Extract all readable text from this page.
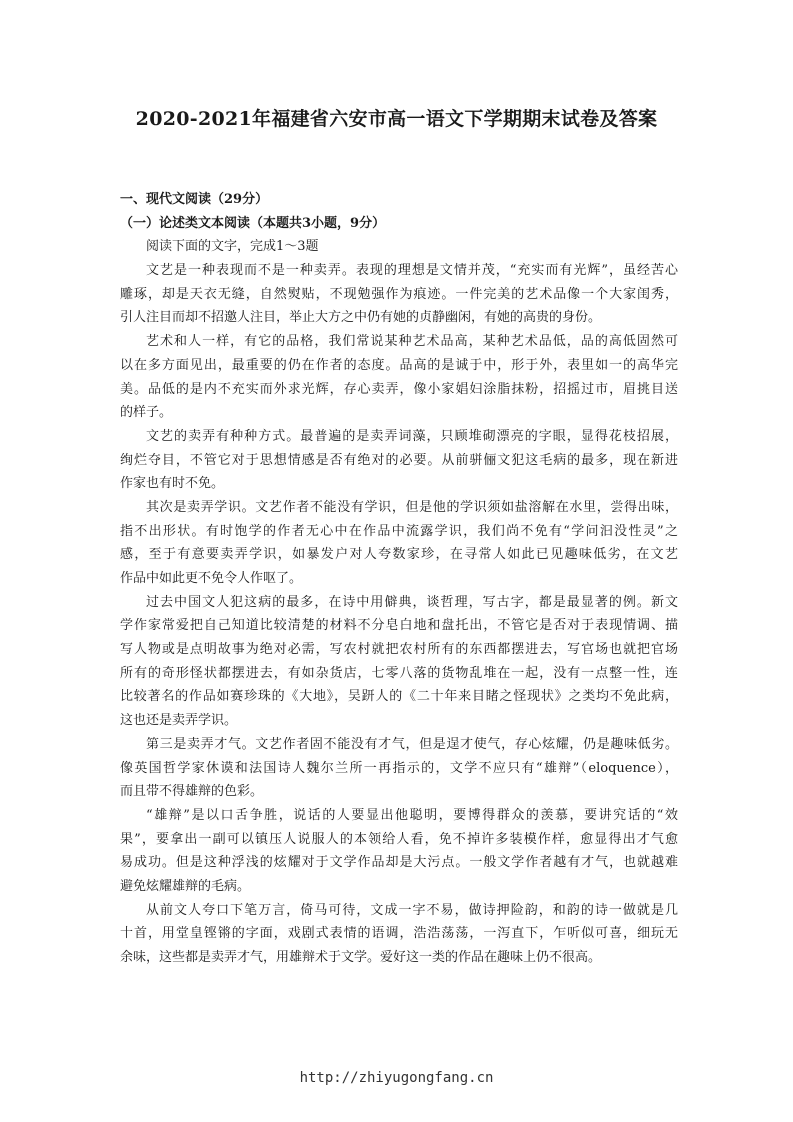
2020-2021年福建省六安市高一语文下学期期末试卷及答案
一、现代文阅读（29分）
（一）论述类文本阅读（本题共3小题，9分）
阅读下面的文字，完成1～3题
文艺是一种表现而不是一种卖弄。表现的理想是文情并茂，“充实而有光辉”，虽经苦心
雕琢，却是天衣无缝，自然熨贴，不现勉强作为痕迹。一件完美的艺术品像一个大家闺秀，
引人注目而却不招邀人注目，举止大方之中仍有她的贞静幽闲，有她的高贵的身份。
艺术和人一样，有它的品格，我们常说某种艺术品高，某种艺术品低，品的高低固然可
以在多方面见出，最重要的仍在作者的态度。品高的是诚于中，形于外，表里如一的高华完
美。品低的是内不充实而外求光辉，存心卖弄，像小家娼妇涂脂抹粉，招摇过市，眉挑目送
的样子。
文艺的卖弄有种种方式。最普遍的是卖弄词藻，只顾堆砌漂亮的字眼，显得花枝招展，
绚烂夺目，不管它对于思想情感是否有绝对的必要。从前骈俪文犯这毛病的最多，现在新进
作家也有时不免。
其次是卖弄学识。文艺作者不能没有学识，但是他的学识须如盐溶解在水里，尝得出味，
指不出形状。有时饱学的作者无心中在作品中流露学识，我们尚不免有“学问汩没性灵”之
感，至于有意要卖弄学识，如暴发户对人夸数家珍，在寻常人如此已见趣味低劣，在文艺
作品中如此更不免令人作呕了。
过去中国文人犯这病的最多，在诗中用僻典，谈哲理，写古字，都是最显著的例。新文
学作家常爱把自己知道比较清楚的材料不分皂白地和盘托出，不管它是否对于表现情调、描
写人物或是点明故事为绝对必需，写农村就把农村所有的东西都摆进去，写官场也就把官场
所有的奇形怪状都摆进去，有如杂货店，七零八落的货物乱堆在一起，没有一点整一性，连
比较著名的作品如赛珍珠的《大地》，吴趼人的《二十年来目睹之怪现状》之类均不免此病，
这也还是卖弄学识。
第三是卖弄才气。文艺作者固不能没有才气，但是逞才使气，存心炫耀，仍是趣味低劣。
像英国哲学家休谟和法国诗人魏尔兰所一再指示的，文学不应只有“雄辩”（eloquence），
而且带不得雄辩的色彩。
“雄辩”是以口舌争胜，说话的人要显出他聪明，要博得群众的羡慕，要讲究话的“效
果”，要拿出一副可以镇压人说服人的本领给人看，免不掉许多装模作样，愈显得出才气愈
易成功。但是这种浮浅的炫耀对于文学作品却是大污点。一般文学作者越有才气，也就越难
避免炫耀雄辩的毛病。
从前文人夸口下笔万言，倚马可待，文成一字不易，做诗押险韵，和韵的诗一做就是几
十首，用堂皇铿锵的字面，戏剧式表情的语调，浩浩荡荡，一泻直下，乍听似可喜，细玩无
余味，这些都是卖弄才气，用雄辩术于文学。爱好这一类的作品在趣味上仍不很高。
http://zhiyugongfang.cn
